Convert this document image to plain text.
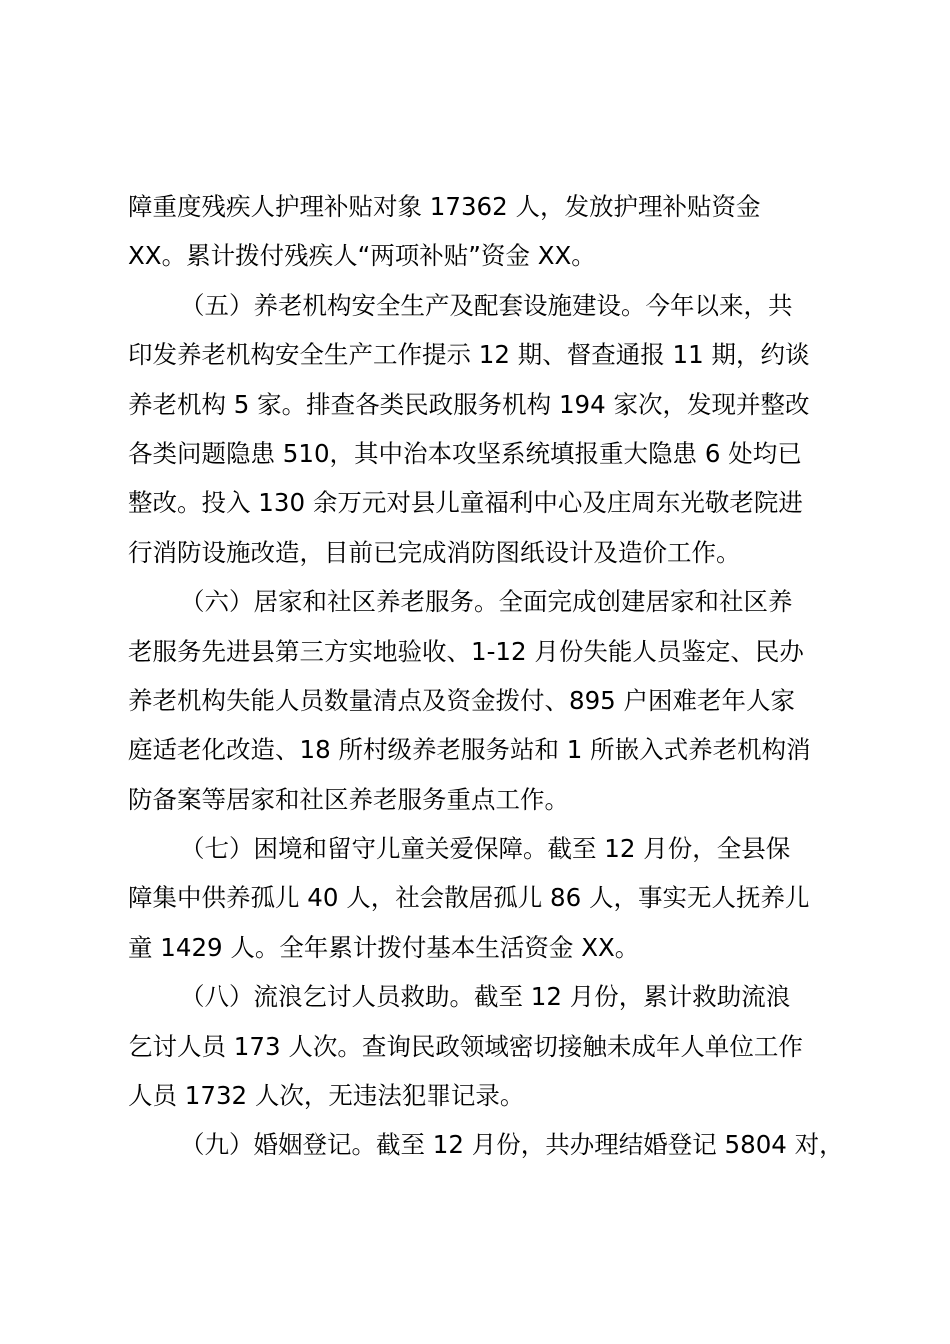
障重度残疾人护理补贴对象 17362 人，发放护理补贴资金
XX。累计拨付残疾人“两项补贴”资金 XX。
（五）养老机构安全生产及配套设施建设。今年以来，共
印发养老机构安全生产工作提示 12 期、督查通报 11 期，约谈
养老机构 5 家。排查各类民政服务机构 194 家次，发现并整改
各类问题隐患 510，其中治本攻坚系统填报重大隐患 6 处均已
整改。投入 130 余万元对县儿童福利中心及庄周东光敬老院进
行消防设施改造，目前已完成消防图纸设计及造价工作。
（六）居家和社区养老服务。全面完成创建居家和社区养
老服务先进县第三方实地验收、1-12 月份失能人员鉴定、民办
养老机构失能人员数量清点及资金拨付、895 户困难老年人家
庭适老化改造、18 所村级养老服务站和 1 所嵌入式养老机构消
防备案等居家和社区养老服务重点工作。
（七）困境和留守儿童关爱保障。截至 12 月份，全县保
障集中供养孤儿 40 人，社会散居孤儿 86 人，事实无人抚养儿
童 1429 人。全年累计拨付基本生活资金 XX。
（八）流浪乞讨人员救助。截至 12 月份，累计救助流浪
乞讨人员 173 人次。查询民政领域密切接触未成年人单位工作
人员 1732 人次，无违法犯罪记录。
（九）婚姻登记。截至 12 月份，共办理结婚登记 5804 对，
